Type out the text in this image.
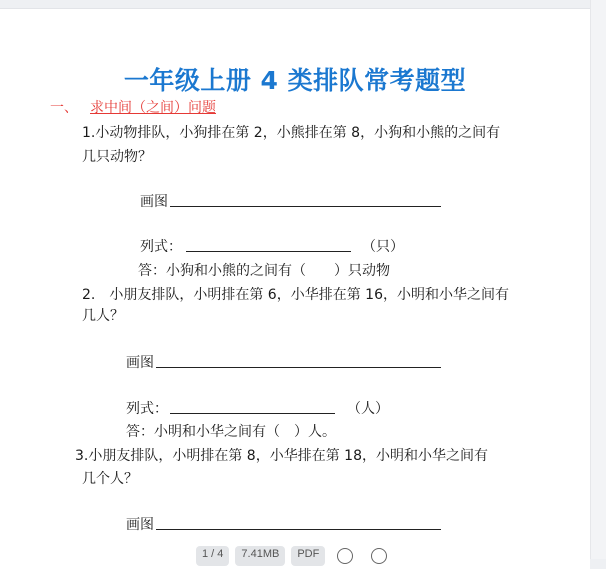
一年级上册 4 类排队常考题型
一、 求中间（之间）问题
1.小动物排队，小狗排在第 2，小熊排在第 8，小狗和小熊的之间有
几只动物？
画图
列式：	（只）
答：小狗和小熊的之间有（　　）只动物
2.　小朋友排队，小明排在第 6，小华排在第 16，小明和小华之间有
几人？
画图
列式：	（人）
答：小明和小华之间有（　）人。
3.小朋友排队，小明排在第 8，小华排在第 18，小明和小华之间有
几个人？
画图
1 / 4	7.41MB	PDF
